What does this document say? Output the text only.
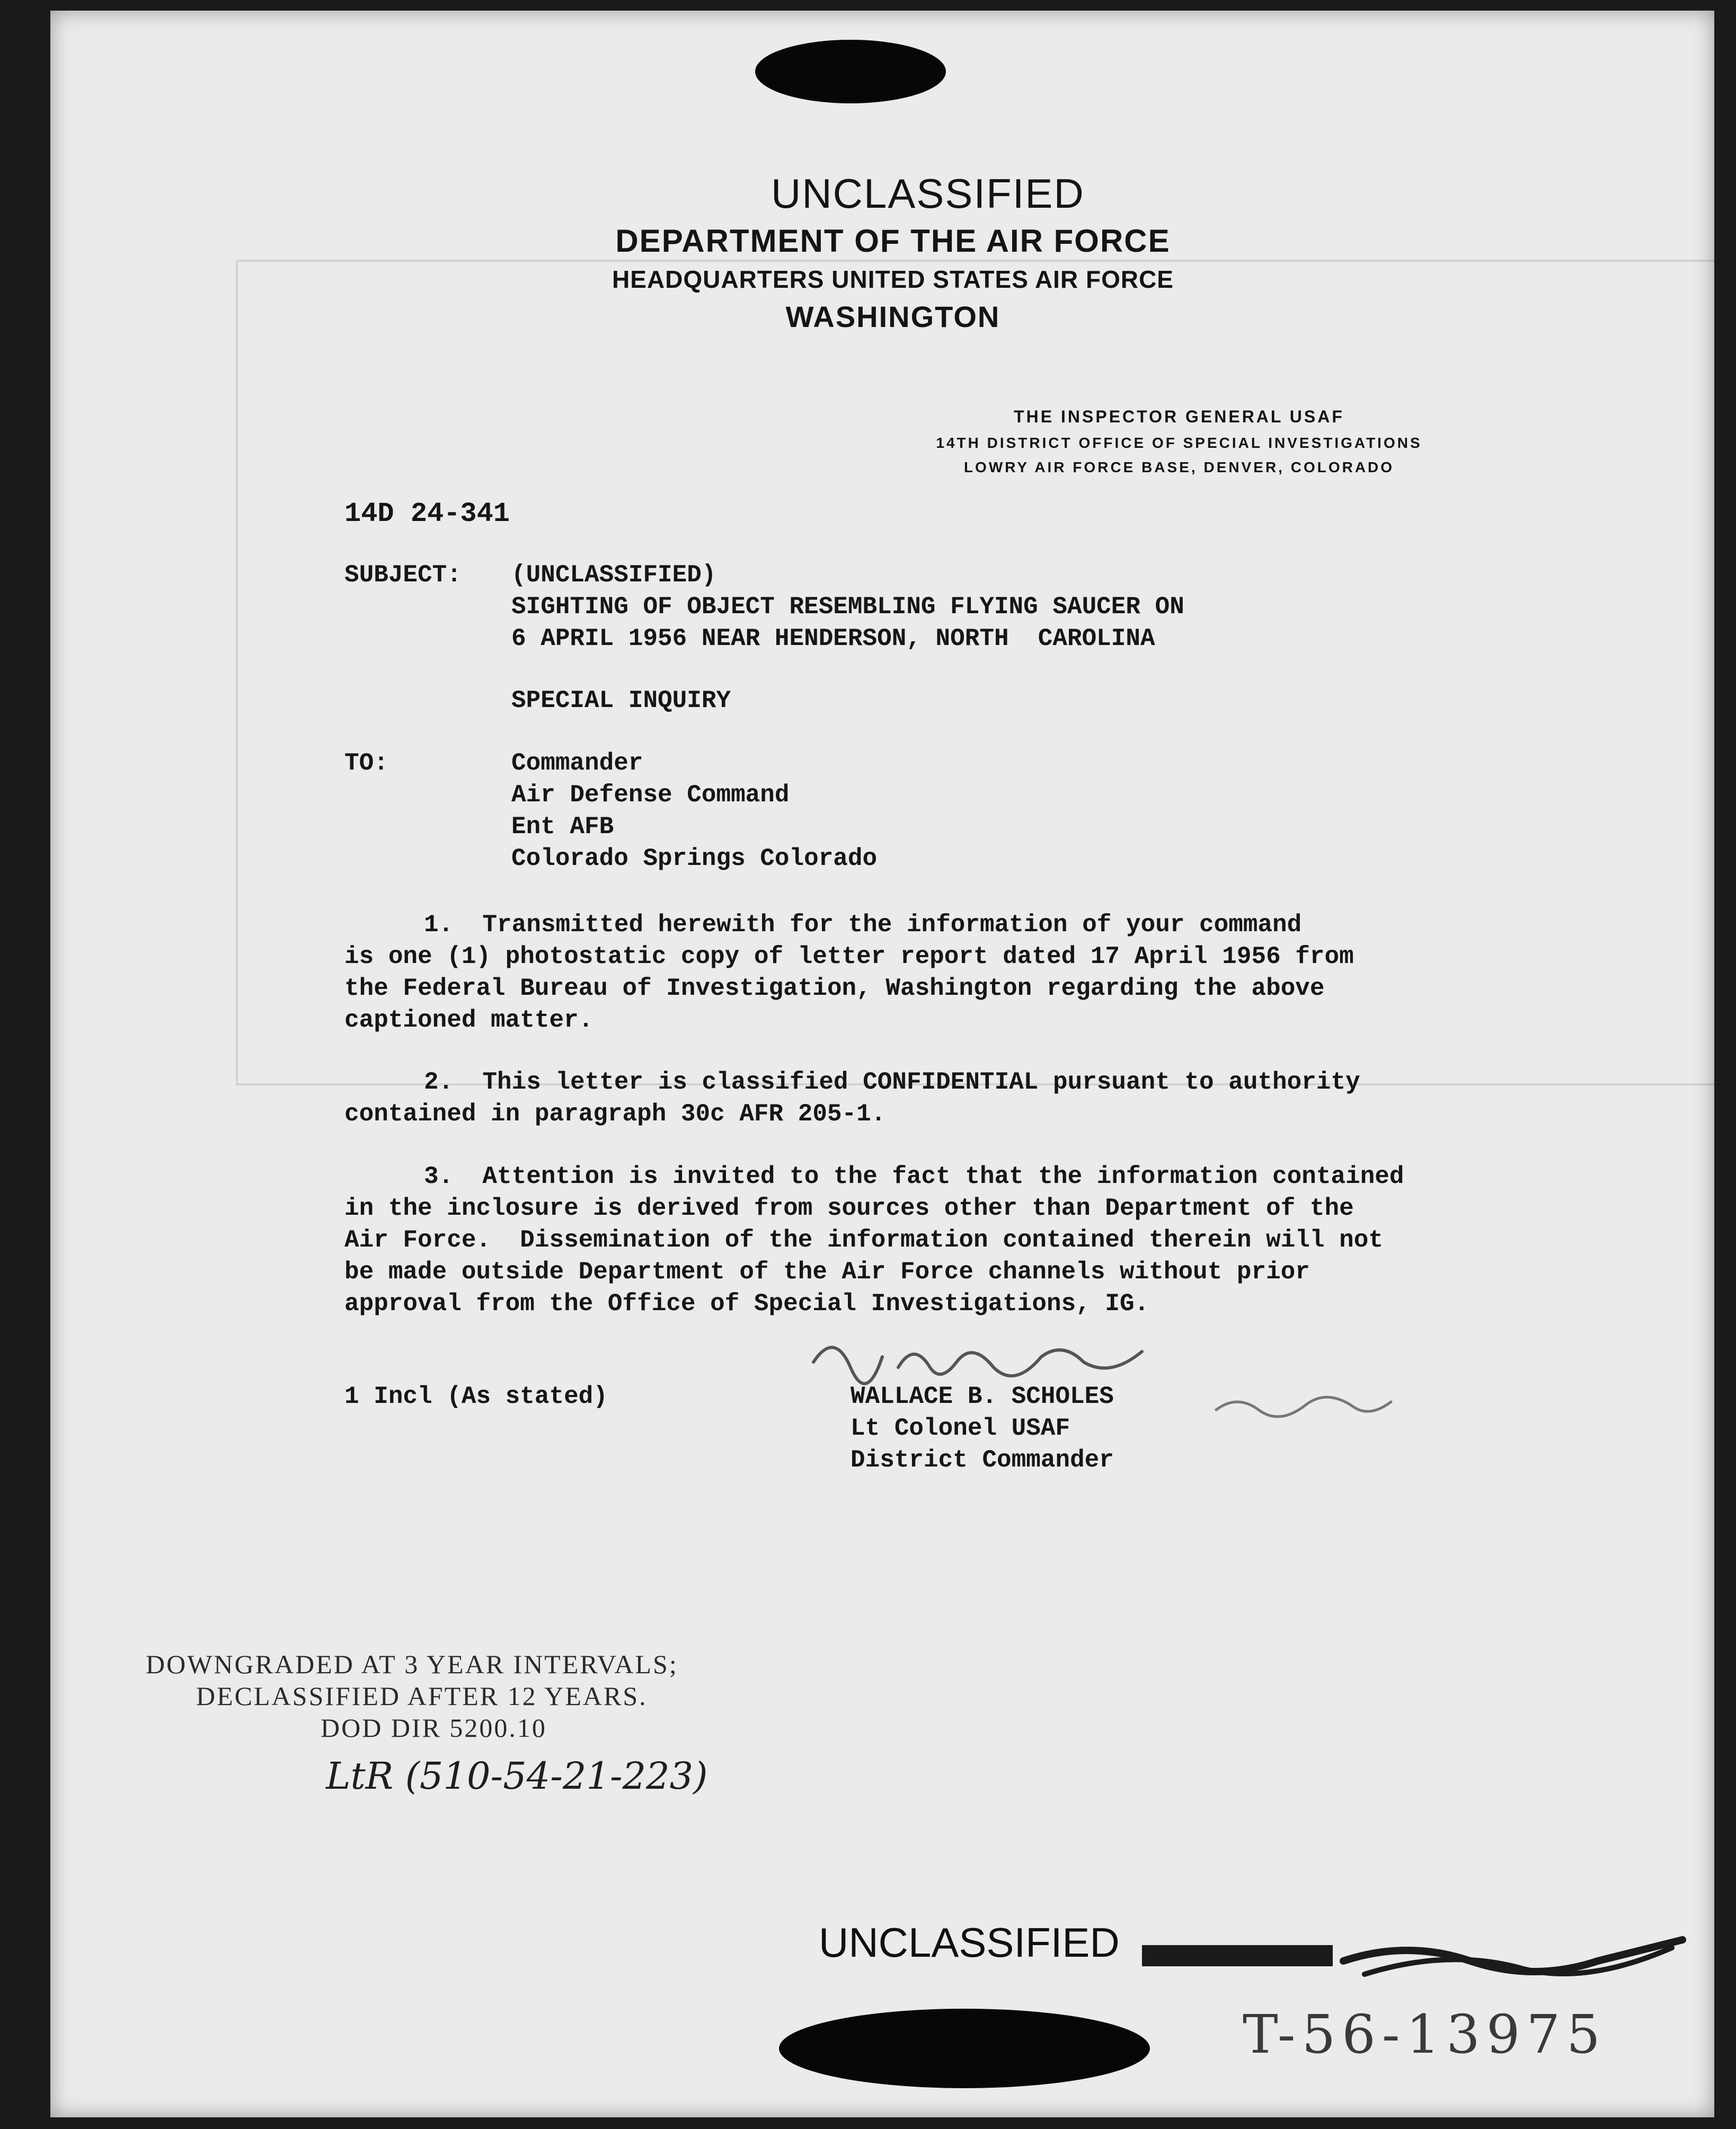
UNCLASSIFIED
DEPARTMENT OF THE AIR FORCE
HEADQUARTERS UNITED STATES AIR FORCE
WASHINGTON
THE INSPECTOR GENERAL USAF
14TH DISTRICT OFFICE OF SPECIAL INVESTIGATIONS
LOWRY AIR FORCE BASE, DENVER, COLORADO
14D 24-341
SUBJECT: (UNCLASSIFIED)
SIGHTING OF OBJECT RESEMBLING FLYING SAUCER ON
6 APRIL 1956 NEAR HENDERSON, NORTH  CAROLINA
SPECIAL INQUIRY
TO:	Commander
Air Defense Command
Ent AFB
Colorado Springs Colorado
1.  Transmitted herewith for the information of your command
is one (1) photostatic copy of letter report dated 17 April 1956 from
the Federal Bureau of Investigation, Washington regarding the above
captioned matter.
2.  This letter is classified CONFIDENTIAL pursuant to authority
contained in paragraph 30c AFR 205-1.
3.  Attention is invited to the fact that the information contained
in the inclosure is derived from sources other than Department of the
Air Force.  Dissemination of the information contained therein will not
be made outside Department of the Air Force channels without prior
approval from the Office of Special Investigations, IG.
1 Incl (As stated)	WALLACE B. SCHOLES
Lt Colonel USAF
District Commander
DOWNGRADED AT 3 YEAR INTERVALS;
DECLASSIFIED AFTER 12 YEARS.
DOD DIR 5200.10
LtR (510-54-21-223)
UNCLASSIFIED
T-56-13975
